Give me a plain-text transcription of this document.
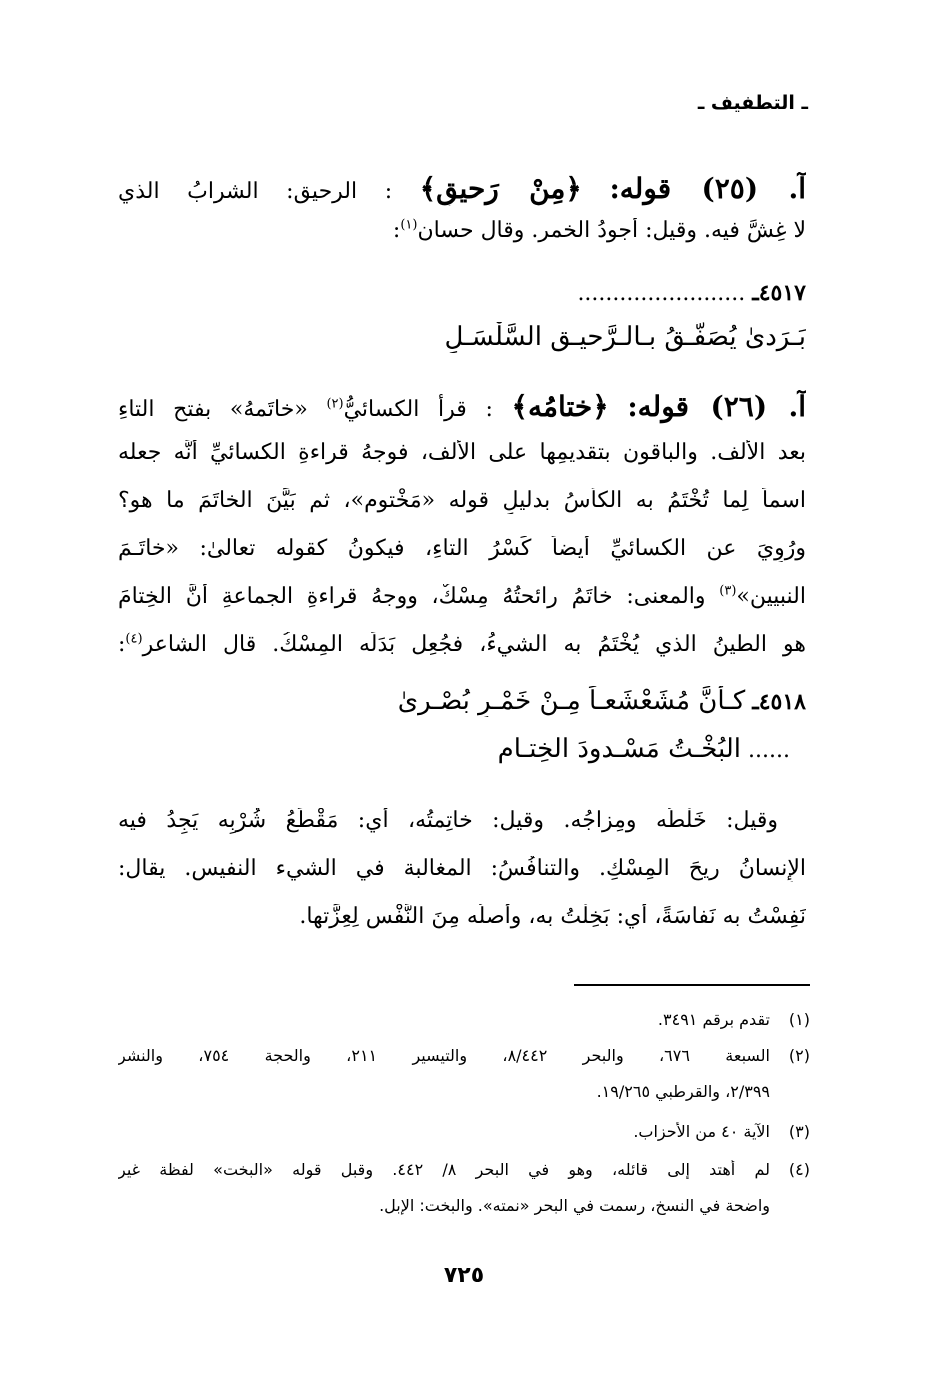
ـ التطفيف ـ
آ. (٢٥) قوله: ﴿مِنْ رَحيقٍ﴾ : الرحيق: الشرابُ الذي
لا غِشَّ فيه. وقيل: أجودُ الخمر. وقال حسان$^{(١)}$:
٤٥١٧ـ ........................
بَـرَدىٰ يُصَفَّـقُ بـالـرَّحيـقِ السَّلْسَـلِ
آ. (٢٦) قوله: ﴿ختامُه﴾ : قرأ الكسائيُّ$^{(٢)}$ «خاتَمهُ» بفتح التاءِ
بعد الألف. والباقون بتقديمِها على الألف، فوجهُ قراءةِ الكسائيِّ أنَّه جعله
اسماً لِما تُخْتَمُ به الكأسُ بدليلِ قوله «مَخْتوم»، ثم بَيَّنَ الخاتَمَ ما هو؟
ورُوِيَ عن الكسائيِّ أيضاً كَسْرُ التاءِ، فيكونُ كقوله تعالىٰ: «خاتَـمَ
النبيين»$^{(٣)}$ والمعنى: خاتَمُ رائحتُهُ مِسْكٌ، ووجهُ قراءةِ الجماعةِ أنَّ الخِتامَ
هو الطينُ الذي يُخْتَمُ به الشيءُ، فجُعِل بَدَلَه المِسْكُ. قال الشاعر$^{(٤)}$:
٤٥١٨ـ كـأنَّ مُشَعْشَعـاً مِـنْ خَمْـرِ بُصْـرىٰ
...... البُخْـتُ مَسْـدودَ الخِتـامِ
وقيل: خَلْطُه ومِزاجُه. وقيل: خاتِمتُه، أي: مَقْطَعُ شُرْبِه يَجِدُ فيه
الإِنسانُ ريحَ المِسْكِ. والتنافُسُ: المغالبة في الشيء النفيس. يقال:
نَفِسْتُ به نَفاسَةً، أي: بَخِلْتُ به، وأصلُه مِنَ النَّفْس لِعِزَّتها.
(١)تقدم برقم ٣٤٩١.
(٢)السبعة ٦٧٦، والبحر ٨/٤٤٢، والتيسير ٢١١، والحجة ٧٥٤، والنشر
٢/٣٩٩، والقرطبي ١٩/٢٦٥.
(٣)الآية ٤٠ من الأحزاب.
(٤)لم أهتد إلى قائله، وهو في البحر ٨/ ٤٤٢. وقبل قوله «البخت» لفظة غير
واضحة في النسخ، رسمت في البحر «نمته». والبخت: الإبل.
٧٢٥
